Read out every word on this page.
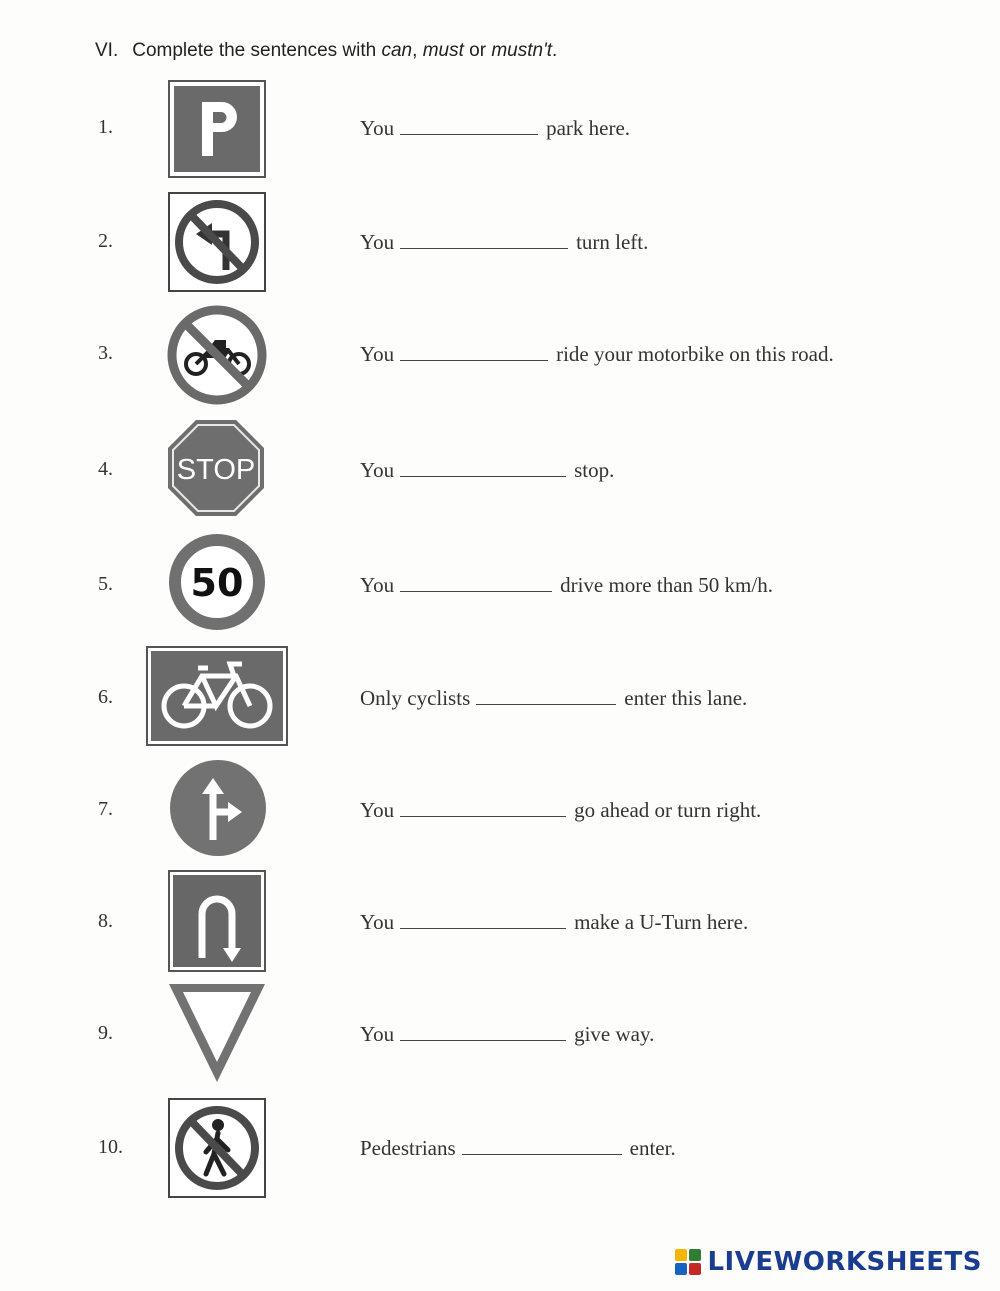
VI. Complete the sentences with can, must or mustn't.
1.	You	park here.
2.	You	turn left.
3.	You	ride your motorbike on this road.
4. STOP	You	stop.
5. 50	You	drive more than 50 km/h.
6.	Only cyclists	enter this lane.
7.	You	go ahead or turn right.
8.	You	make a U-Turn here.
9.	You	give way.
10.	Pedestrians	enter.
LIVEWORKSHEETS
